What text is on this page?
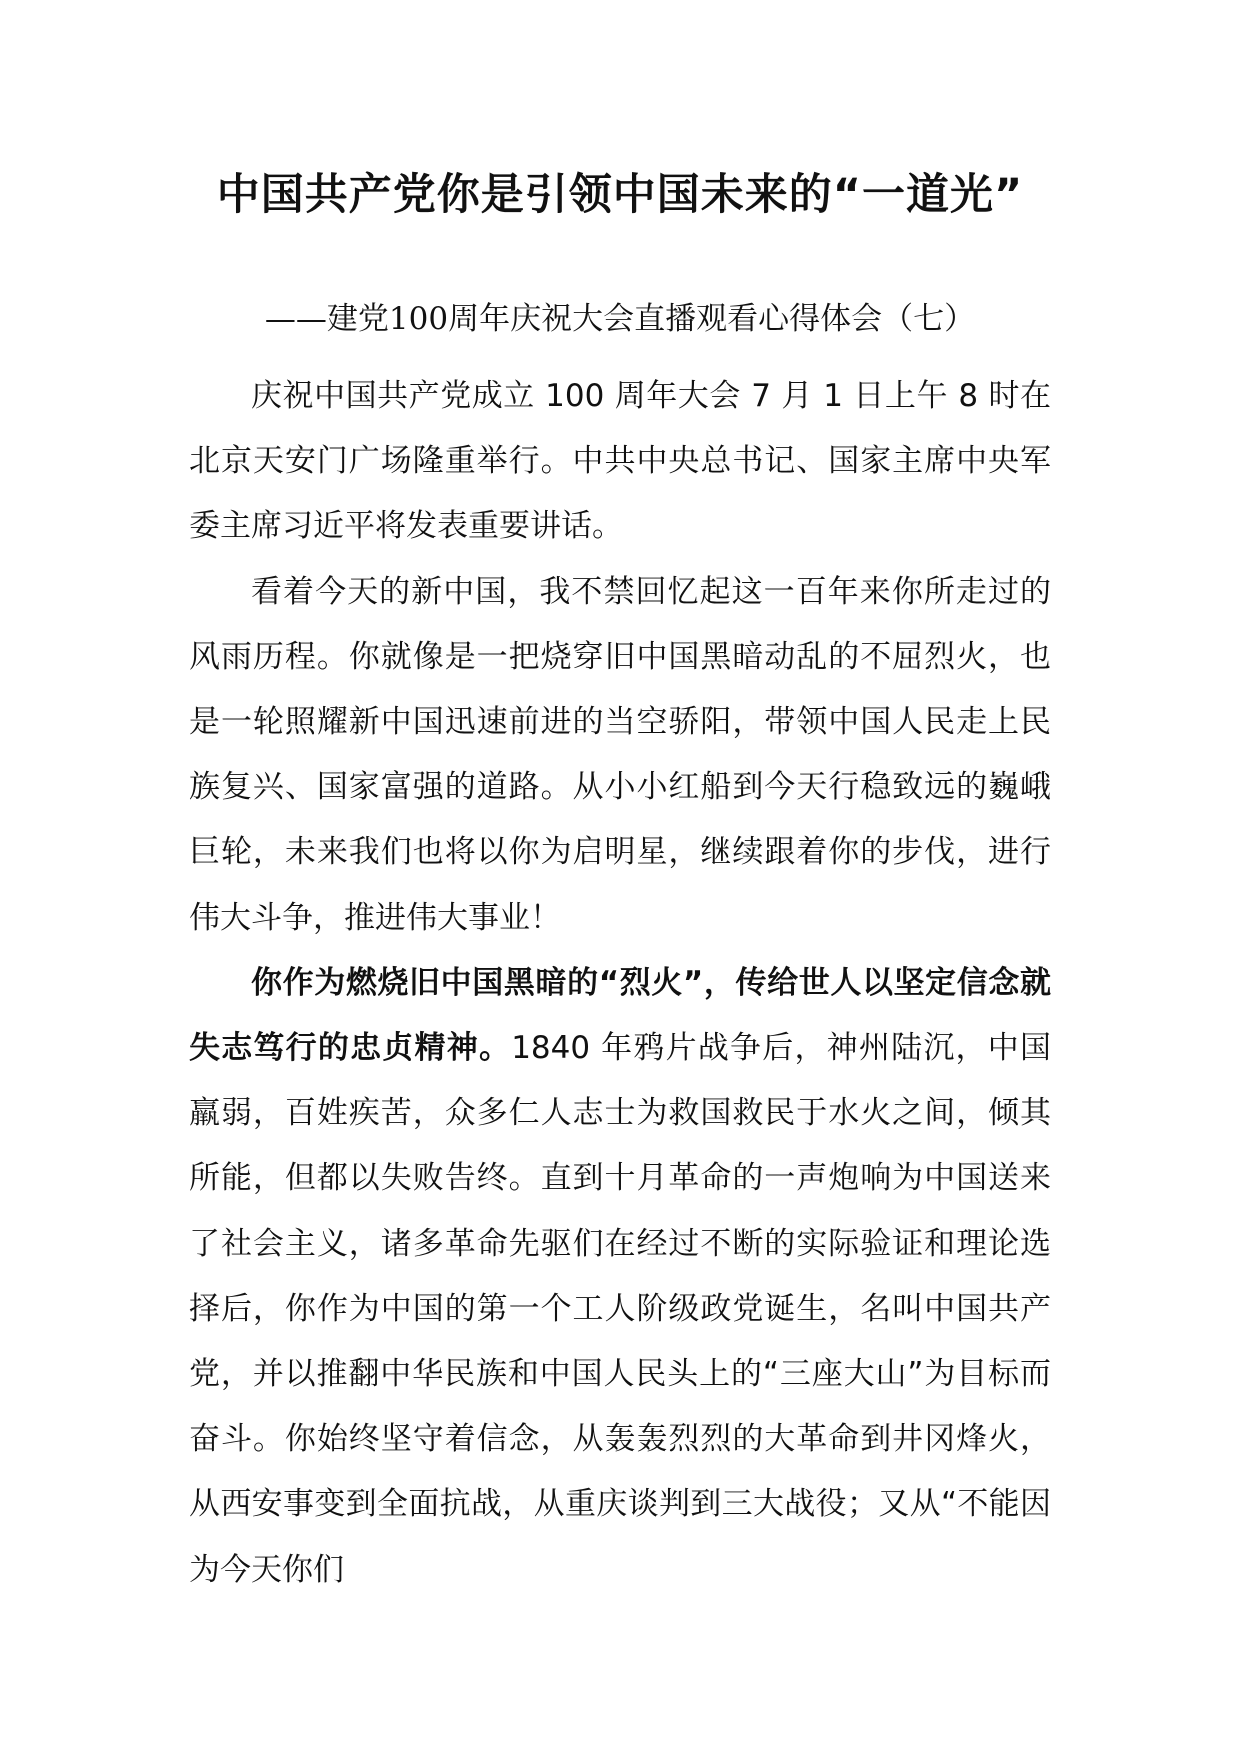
中国共产党你是引领中国未来的“一道光”
——建党100周年庆祝大会直播观看心得体会（七）

庆祝中国共产党成立 100 周年大会 7 月 1 日上午 8 时在北京天安门广场隆重举行。中共中央总书记、国家主席中央军委主席习近平将发表重要讲话。

看着今天的新中国，我不禁回忆起这一百年来你所走过的风雨历程。你就像是一把烧穿旧中国黑暗动乱的不屈烈火，也是一轮照耀新中国迅速前进的当空骄阳，带领中国人民走上民族复兴、国家富强的道路。从小小红船到今天行稳致远的巍峨巨轮，未来我们也将以你为启明星，继续跟着你的步伐，进行伟大斗争，推进伟大事业！

你作为燃烧旧中国黑暗的“烈火”，传给世人以坚定信念就失志笃行的忠贞精神。1840 年鸦片战争后，神州陆沉，中国羸弱，百姓疾苦，众多仁人志士为救国救民于水火之间，倾其所能，但都以失败告终。直到十月革命的一声炮响为中国送来了社会主义，诸多革命先驱们在经过不断的实际验证和理论选择后，你作为中国的第一个工人阶级政党诞生，名叫中国共产党，并以推翻中华民族和中国人民头上的“三座大山”为目标而奋斗。你始终坚守着信念，从轰轰烈烈的大革命到井冈烽火，从西安事变到全面抗战，从重庆谈判到三大战役；又从“不能因为今天你们
